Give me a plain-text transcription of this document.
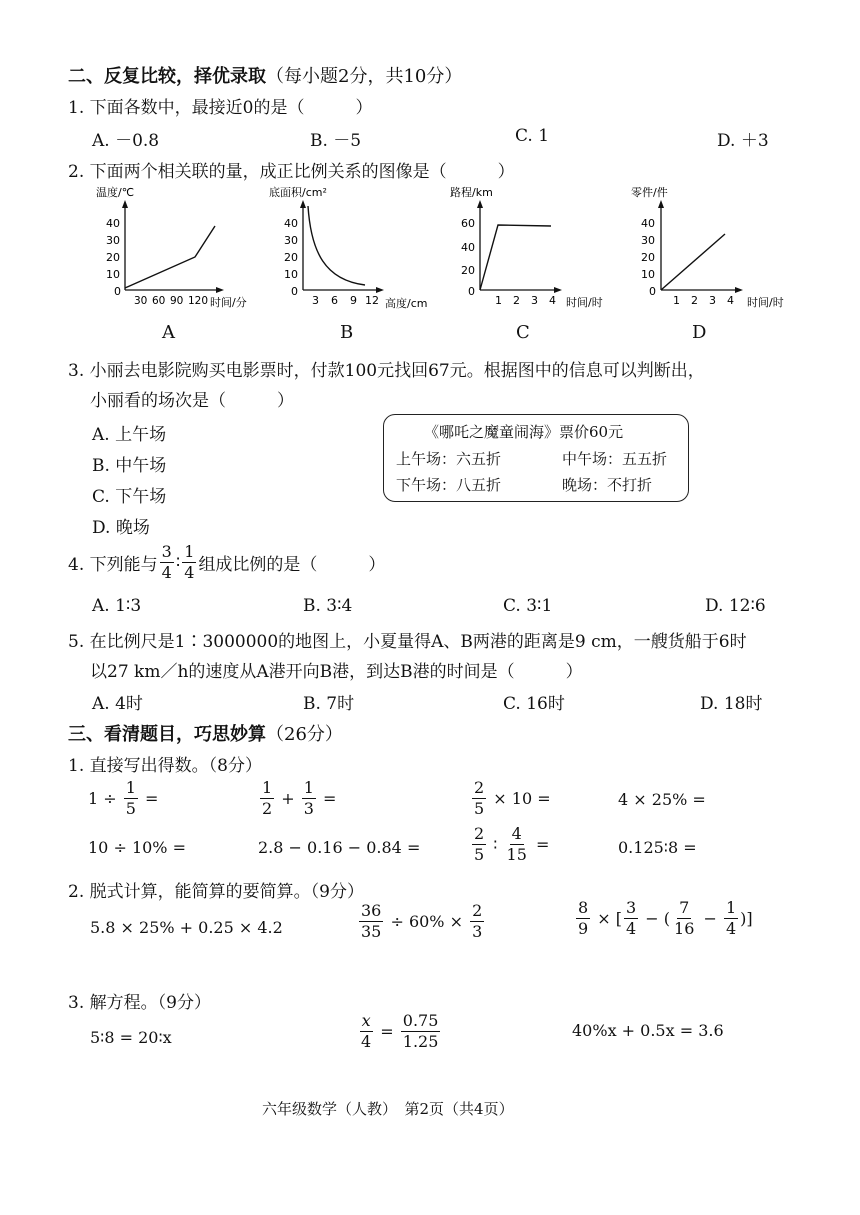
二、反复比较，择优录取（每小题2分，共10分）
1. 下面各数中，最接近0的是（　　　）
A. －0.8	B. －5	C. 1	D. ＋3
2. 下面两个相关联的量，成正比例关系的图像是（　　　）
温度/℃
40
30
20
10
0
30 60 90 120 时间/分
A
底面积/cm²
40
30
20
10
0
3 6 9 12 高度/cm
B
路程/km
60
40
20
0
1 2 3 4 时间/时
C
零件/件
40
30
20
10
0
1 2 3 4 时间/时
D
3. 小丽去电影院购买电影票时，付款100元找回67元。根据图中的信息可以判断出，
小丽看的场次是（　　　）
A. 上午场
B. 中午场
C. 下午场
D. 晚场
《哪吒之魔童闹海》票价60元
上午场：六五折	中午场：五五折
下午场：八五折	晚场：不打折
4. 下列能与 $\frac{3}{4}$ ∶ $\frac{1}{4}$ 组成比例的是（　　　）
A. 1∶3	B. 3∶4	C. 3∶1	D. 12∶6
5. 在比例尺是1∶3000000的地图上，小夏量得A、B两港的距离是9 cm，一艘货船于6时
以27 km／h的速度从A港开向B港，到达B港的时间是（　　　）
A. 4时	B. 7时	C. 16时	D. 18时
三、看清题目，巧思妙算（26分）
1. 直接写出得数。（8分）
$1 \div \frac{1}{5}$ =	$\frac{1}{2} + \frac{1}{3}$ =	$\frac{2}{5} \times 10$ =	4 × 25% =
10 ÷ 10% =	2.8 − 0.16 − 0.84 =	$\frac{2}{5}$ ∶ $\frac{4}{15}$ =	0.125∶8 =
2. 脱式计算，能简算的要简算。（9分）
5.8 × 25% + 0.25 × 4.2	$\frac{36}{35} \div 60\% \times \frac{2}{3}$	$\frac{8}{9}$ × [ $\frac{3}{4}$ − ( $\frac{7}{16} - \frac{1}{4}$ )]
3. 解方程。（9分）
5∶8 = 20∶x	$\frac{x}{4} = \frac{0.75}{1.25}$	40%x + 0.5x = 3.6
六年级数学（人教）　第2页（共4页）
